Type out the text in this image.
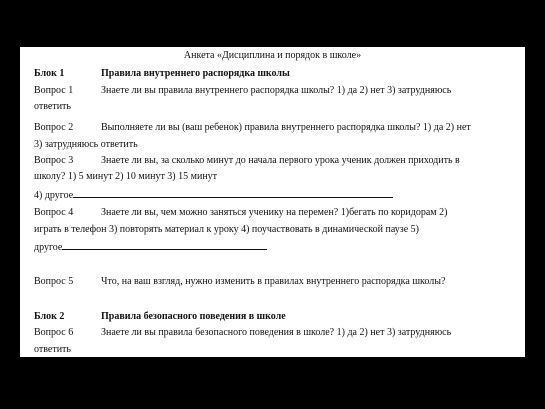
Анкета «Дисциплина и порядок в школе»
Блок 1	Правила внутреннего распорядка школы
Вопрос 1	Знаете ли вы правила внутреннего распорядка школы? 1) да 2) нет 3) затрудняюсь
ответить
Вопрос 2	Выполняете ли вы (ваш ребенок) правила внутреннего распорядка школы? 1) да 2) нет
3) затрудняюсь ответить
Вопрос 3	Знаете ли вы, за сколько минут до начала первого урока ученик должен приходить в
школу? 1) 5 минут 2) 10 минут 3) 15 минут
4) другое
Вопрос 4	Знаете ли вы, чем можно заняться ученику на перемен? 1)бегать по коридорам 2)
играть в телефон 3) повторять материал к уроку 4) поучаствовать в динамической паузе 5)
другое
Вопрос 5	Что, на ваш взгляд, нужно изменить в правилах внутреннего распорядка школы?
Блок 2	Правила безопасного поведения в школе
Вопрос 6	Знаете ли вы правила безопасного поведения в школе? 1) да 2) нет 3) затрудняюсь
ответить
